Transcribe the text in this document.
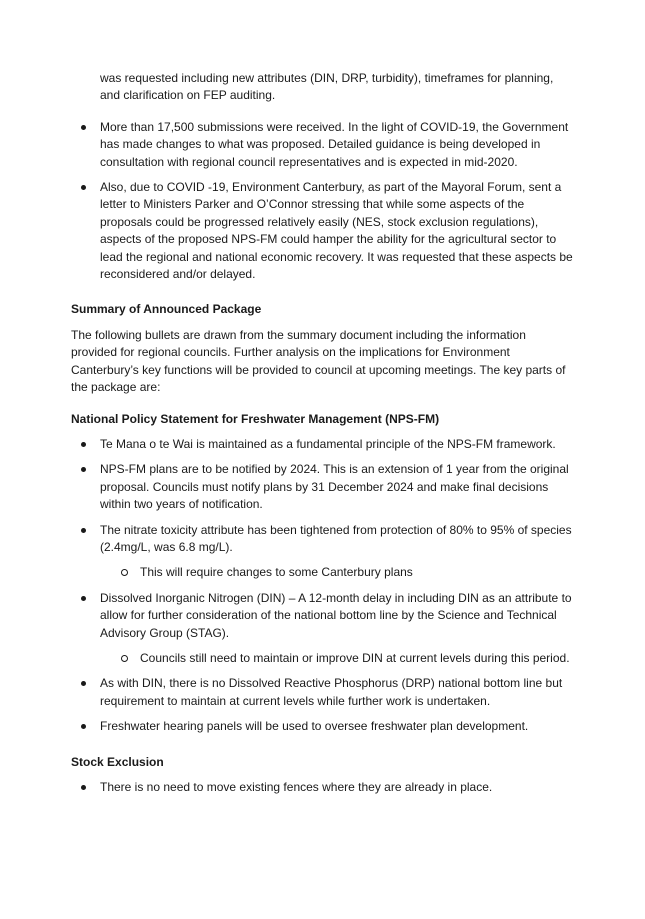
was requested including new attributes (DIN, DRP, turbidity), timeframes for planning, and clarification on FEP auditing.

More than 17,500 submissions were received. In the light of COVID-19, the Government has made changes to what was proposed. Detailed guidance is being developed in consultation with regional council representatives and is expected in mid-2020.
Also, due to COVID -19, Environment Canterbury, as part of the Mayoral Forum, sent a letter to Ministers Parker and O’Connor stressing that while some aspects of the proposals could be progressed relatively easily (NES, stock exclusion regulations), aspects of the proposed NPS-FM could hamper the ability for the agricultural sector to lead the regional and national economic recovery. It was requested that these aspects be reconsidered and/or delayed.
Summary of Announced Package

The following bullets are drawn from the summary document including the information provided for regional councils. Further analysis on the implications for Environment Canterbury’s key functions will be provided to council at upcoming meetings. The key parts of the package are:

National Policy Statement for Freshwater Management (NPS-FM)
Te Mana o te Wai is maintained as a fundamental principle of the NPS-FM framework.
NPS-FM plans are to be notified by 2024. This is an extension of 1 year from the original proposal. Councils must notify plans by 31 December 2024 and make final decisions within two years of notification.
The nitrate toxicity attribute has been tightened from protection of 80% to 95% of species (2.4mg/L, was 6.8 mg/L).
This will require changes to some Canterbury plans
Dissolved Inorganic Nitrogen (DIN) – A 12-month delay in including DIN as an attribute to allow for further consideration of the national bottom line by the Science and Technical Advisory Group (STAG).
Councils still need to maintain or improve DIN at current levels during this period.
As with DIN, there is no Dissolved Reactive Phosphorus (DRP) national bottom line but requirement to maintain at current levels while further work is undertaken.
Freshwater hearing panels will be used to oversee freshwater plan development.
Stock Exclusion
There is no need to move existing fences where they are already in place.
